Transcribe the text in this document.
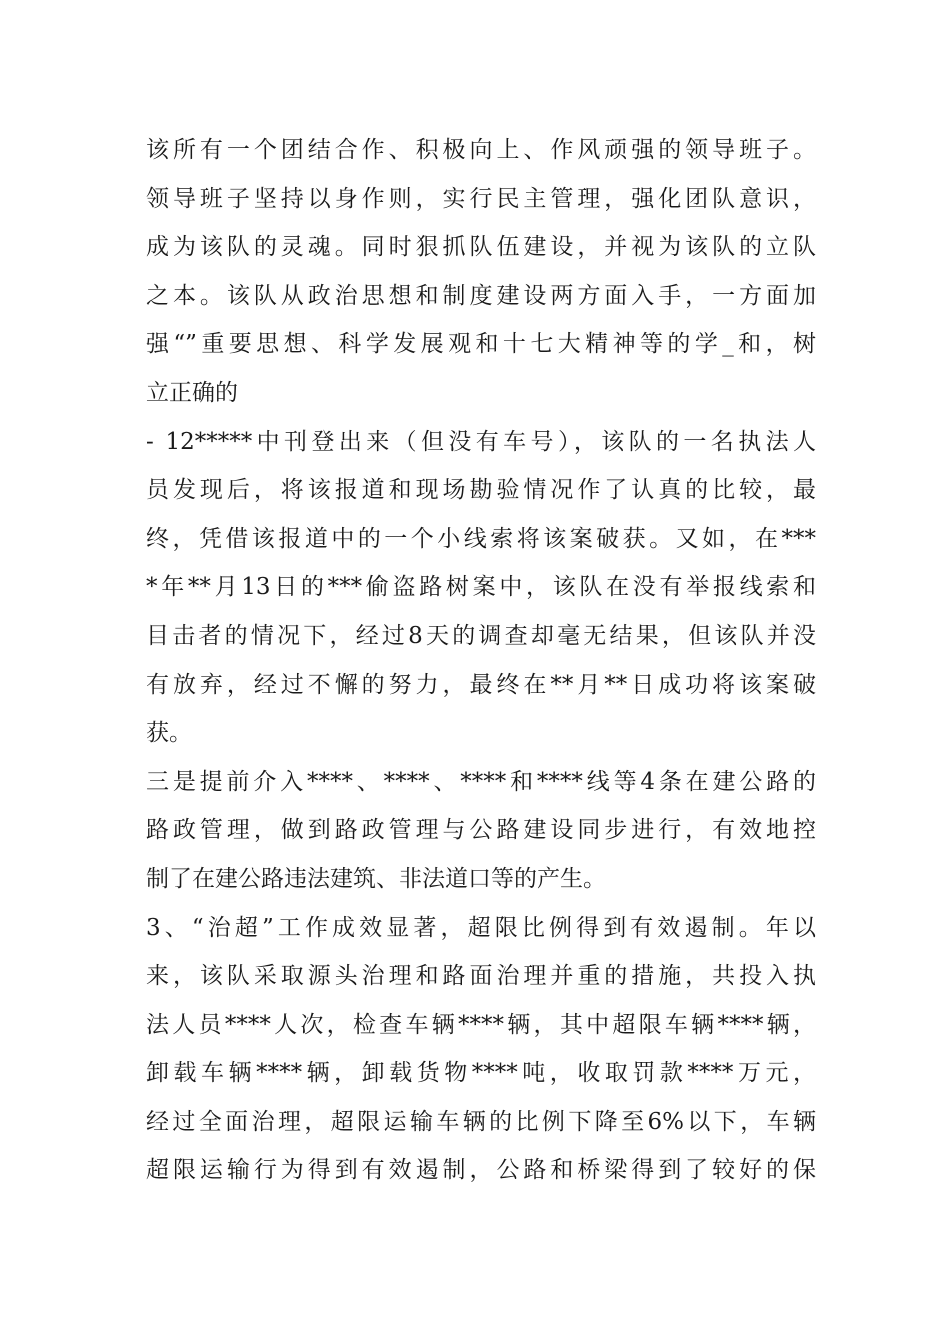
该所有一个团结合作、积极向上、作风顽强的领导班子。
领导班子坚持以身作则，实行民主管理，强化团队意识，
成为该队的灵魂。同时狠抓队伍建设，并视为该队的立队
之本。该队从政治思想和制度建设两方面入手，一方面加
强“”重要思想、科学发展观和十七大精神等的学_和，树
立正确的
- 12*****中刊登出来（但没有车号），该队的一名执法人
员发现后，将该报道和现场勘验情况作了认真的比较，最
终，凭借该报道中的一个小线索将该案破获。又如，在***
*年**月13日的***偷盗路树案中，该队在没有举报线索和
目击者的情况下，经过8天的调查却毫无结果，但该队并没
有放弃，经过不懈的努力，最终在**月**日成功将该案破
获。
三是提前介入****、****、****和****线等4条在建公路的
路政管理，做到路政管理与公路建设同步进行，有效地控
制了在建公路违法建筑、非法道口等的产生。
3、“治超”工作成效显著，超限比例得到有效遏制。年以
来，该队采取源头治理和路面治理并重的措施，共投入执
法人员****人次，检查车辆****辆，其中超限车辆****辆，
卸载车辆****辆，卸载货物****吨，收取罚款****万元，
经过全面治理，超限运输车辆的比例下降至6%以下，车辆
超限运输行为得到有效遏制，公路和桥梁得到了较好的保
